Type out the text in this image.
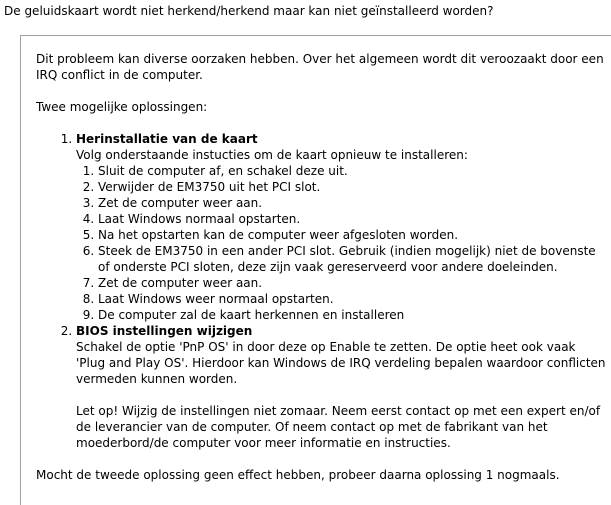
De geluidskaart wordt niet herkend/herkend maar kan niet geïnstalleerd worden?

Dit probleem kan diverse oorzaken hebben. Over het algemeen wordt dit veroozaakt door een IRQ conflict in de computer.

Twee mogelijke oplossingen:

1. Herinstallatie van de kaart
Volg onderstaande instucties om de kaart opnieuw te installeren:
1. Sluit de computer af, en schakel deze uit.
2. Verwijder de EM3750 uit het PCI slot.
3. Zet de computer weer aan.
4. Laat Windows normaal opstarten.
5. Na het opstarten kan de computer weer afgesloten worden.
6. Steek de EM3750 in een ander PCI slot. Gebruik (indien mogelijk) niet de bovenste of onderste PCI sloten, deze zijn vaak gereserveerd voor andere doeleinden.
7. Zet de computer weer aan.
8. Laat Windows weer normaal opstarten.
9. De computer zal de kaart herkennen en installeren
2. BIOS instellingen wijzigen
Schakel de optie 'PnP OS' in door deze op Enable te zetten. De optie heet ook vaak 'Plug and Play OS'. Hierdoor kan Windows de IRQ verdeling bepalen waardoor conflicten vermeden kunnen worden.

Let op! Wijzig de instellingen niet zomaar. Neem eerst contact op met een expert en/of de leverancier van de computer. Of neem contact op met de fabrikant van het moederbord/de computer voor meer informatie en instructies.

Mocht de tweede oplossing geen effect hebben, probeer daarna oplossing 1 nogmaals.
